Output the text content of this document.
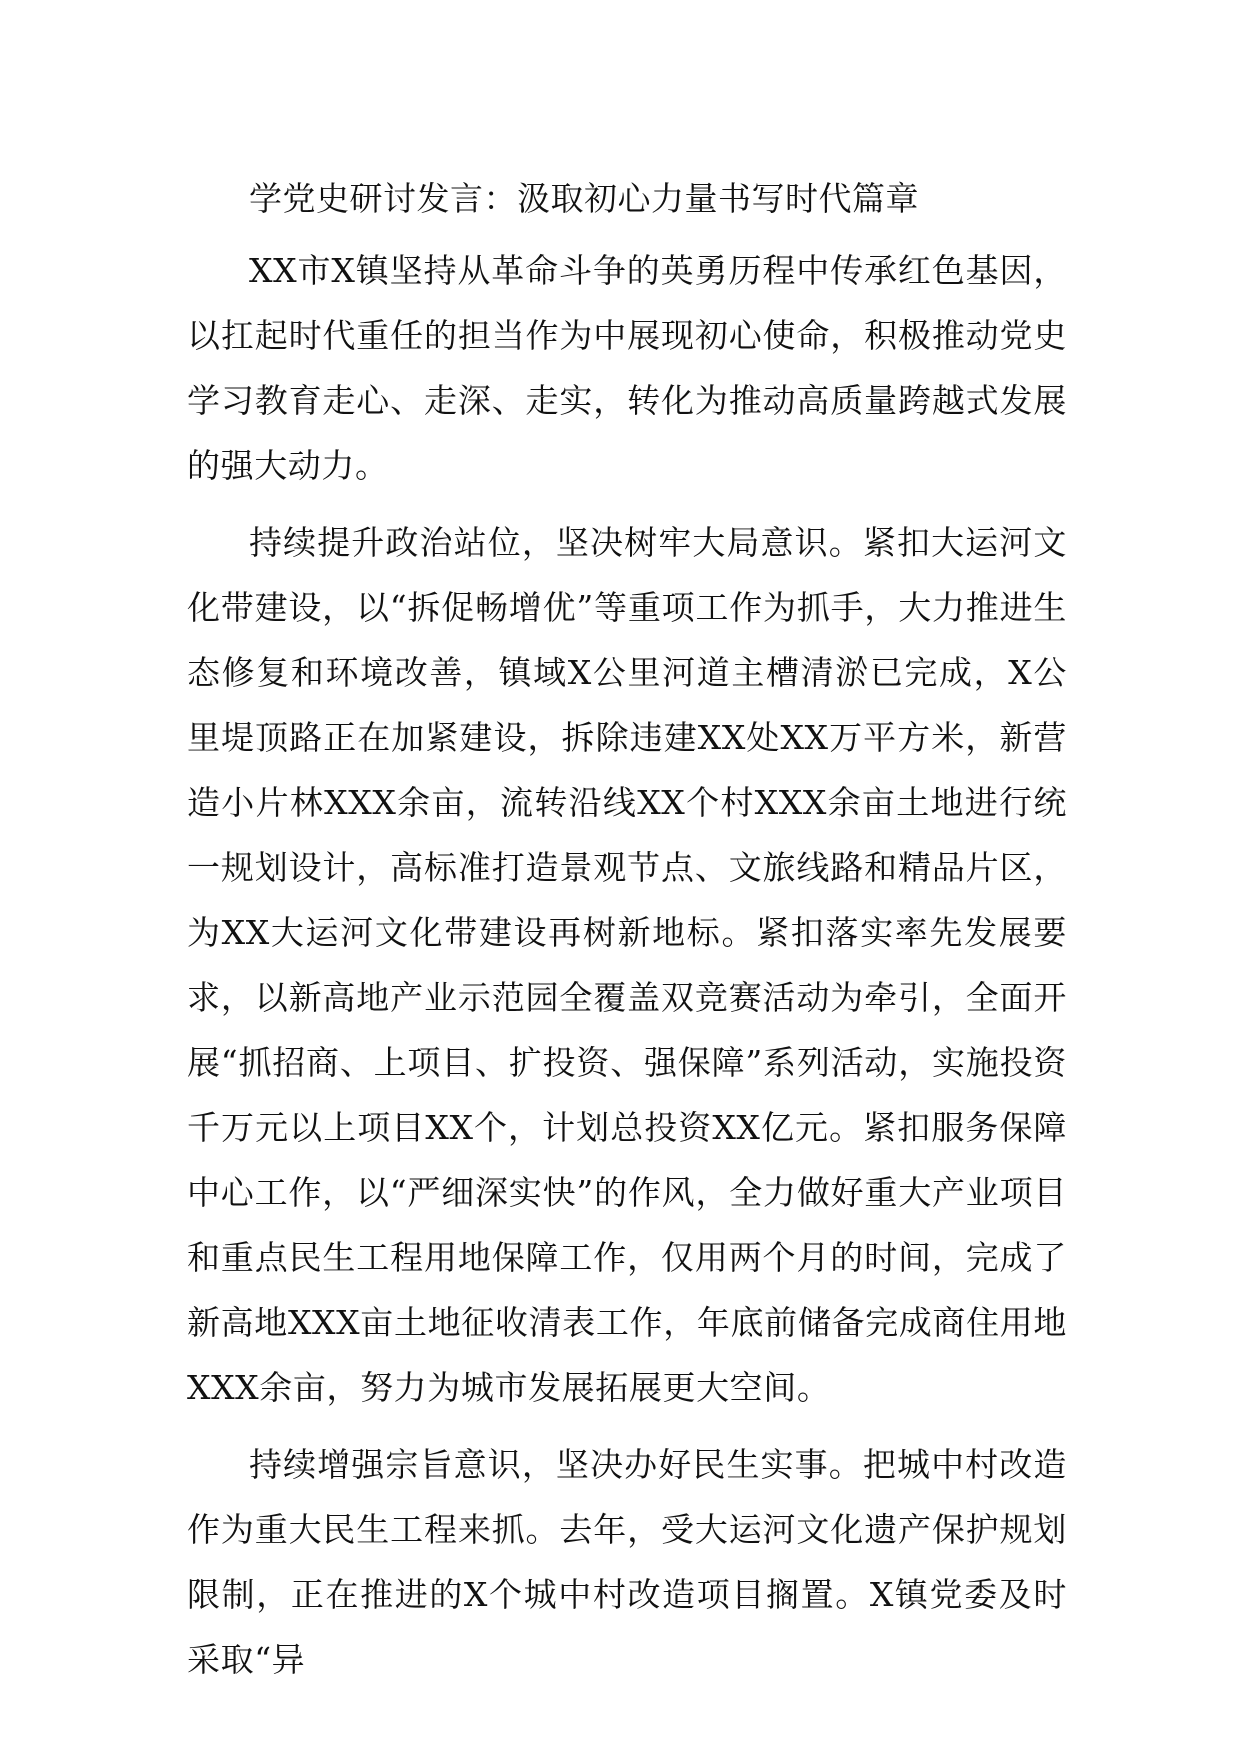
学党史研讨发言：汲取初心力量书写时代篇章

XX市X镇坚持从革命斗争的英勇历程中传承红色基因，以扛起时代重任的担当作为中展现初心使命，积极推动党史学习教育走心、走深、走实，转化为推动高质量跨越式发展的强大动力。

持续提升政治站位，坚决树牢大局意识。紧扣大运河文化带建设，以“拆促畅增优”等重项工作为抓手，大力推进生态修复和环境改善，镇域X公里河道主槽清淤已完成，X公里堤顶路正在加紧建设，拆除违建XX处XX万平方米，新营造小片林XXX余亩，流转沿线XX个村XXX余亩土地进行统一规划设计，高标准打造景观节点、文旅线路和精品片区，为XX大运河文化带建设再树新地标。紧扣落实率先发展要求，以新高地产业示范园全覆盖双竞赛活动为牵引，全面开展“抓招商、上项目、扩投资、强保障”系列活动，实施投资千万元以上项目XX个，计划总投资XX亿元。紧扣服务保障中心工作，以“严细深实快”的作风，全力做好重大产业项目和重点民生工程用地保障工作，仅用两个月的时间，完成了新高地XXX亩土地征收清表工作，年底前储备完成商住用地XXX余亩，努力为城市发展拓展更大空间。

持续增强宗旨意识，坚决办好民生实事。把城中村改造作为重大民生工程来抓。去年，受大运河文化遗产保护规划限制，正在推进的X个城中村改造项目搁置。X镇党委及时采取“异
